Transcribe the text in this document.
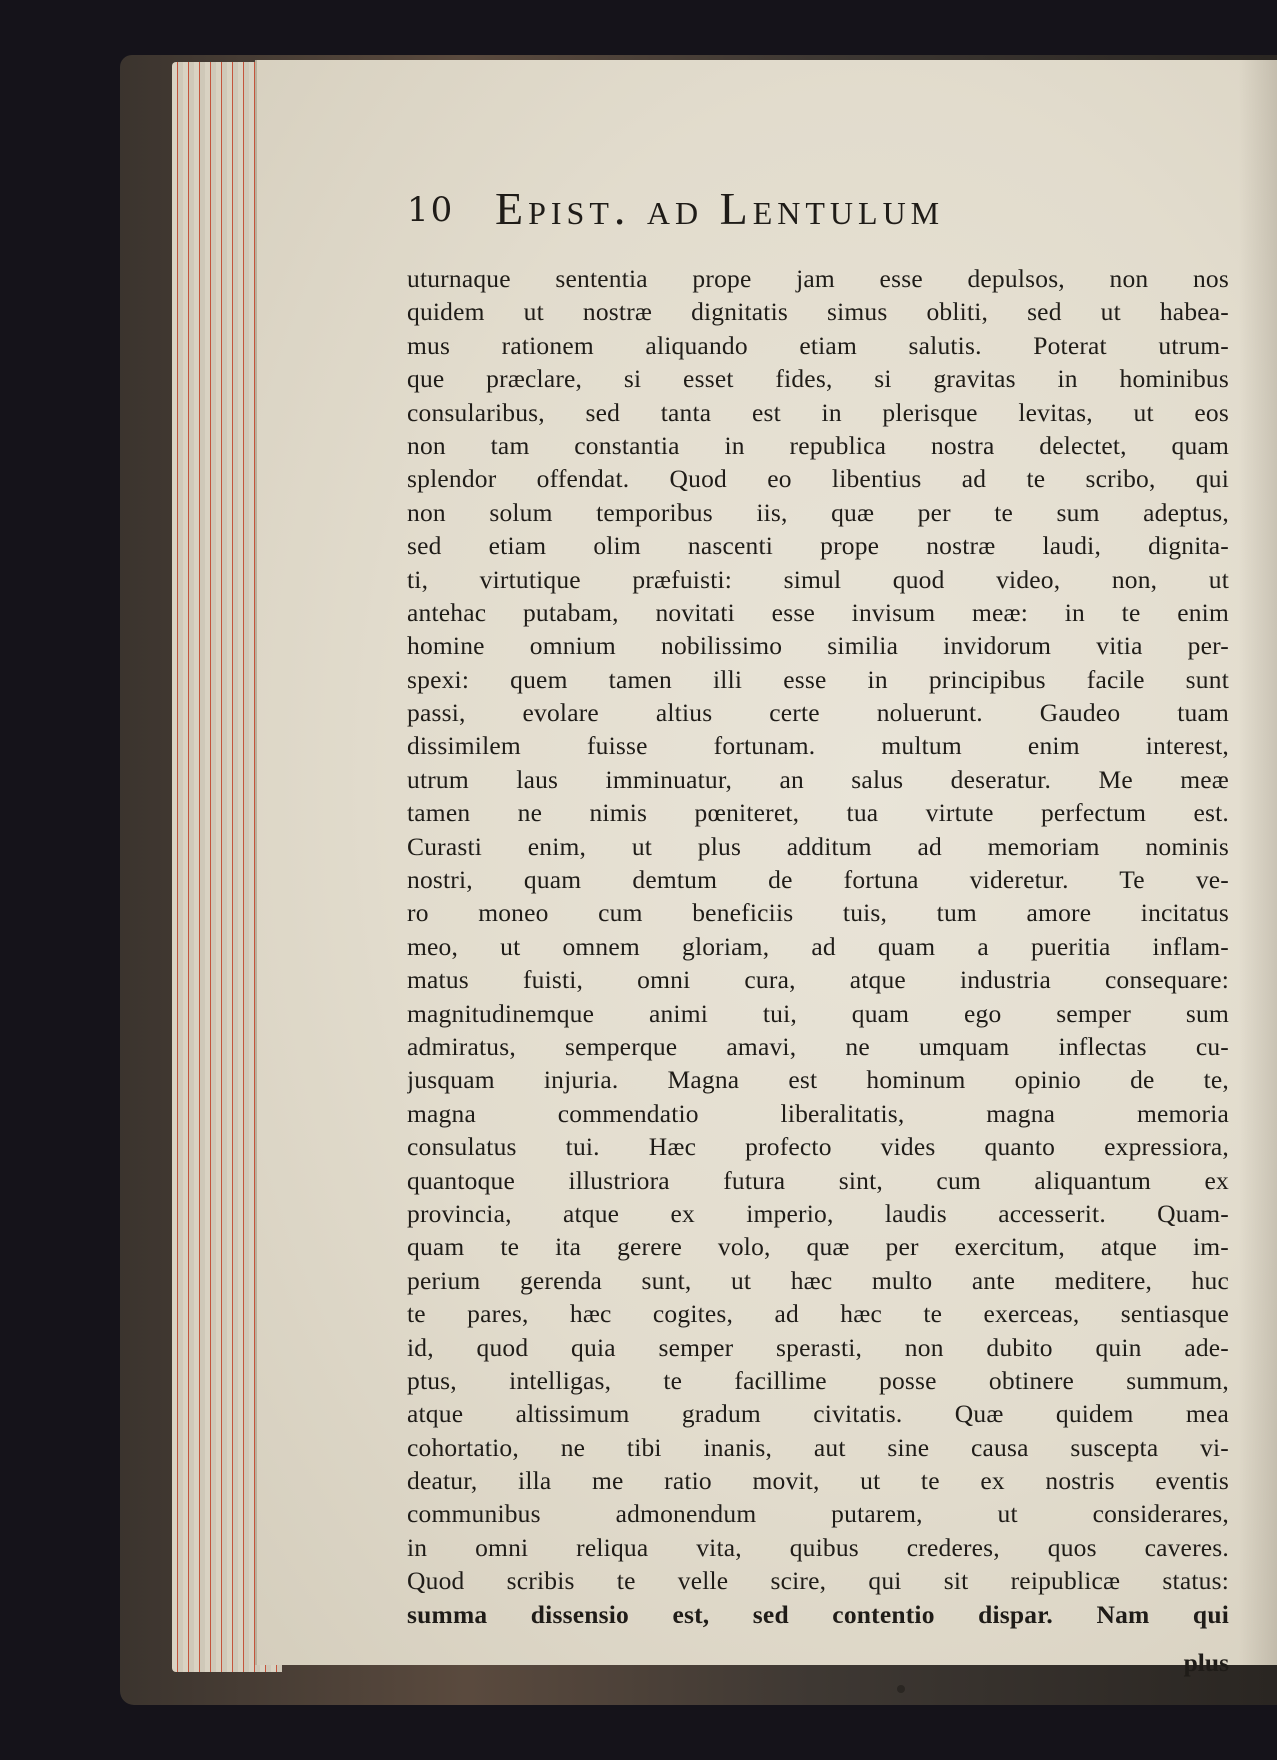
10 Epist. ad Lentulum
uturnaque sententia prope jam esse depulsos, non nos
quidem ut nostræ dignitatis simus obliti, sed ut habea-
mus rationem aliquando etiam salutis. Poterat utrum-
que præclare, si esset fides, si gravitas in hominibus
consularibus, sed tanta est in plerisque levitas, ut eos
non tam constantia in republica nostra delectet, quam
splendor offendat. Quod eo libentius ad te scribo, qui
non solum temporibus iis, quæ per te sum adeptus,
sed etiam olim nascenti prope nostræ laudi, dignita-
ti, virtutique præfuisti: simul quod video, non, ut
antehac putabam, novitati esse invisum meæ: in te enim
homine omnium nobilissimo similia invidorum vitia per-
spexi: quem tamen illi esse in principibus facile sunt
passi, evolare altius certe noluerunt. Gaudeo tuam
dissimilem fuisse fortunam. multum enim interest,
utrum laus imminuatur, an salus deseratur. Me meæ
tamen ne nimis pœniteret, tua virtute perfectum est.
Curasti enim, ut plus additum ad memoriam nominis
nostri, quam demtum de fortuna videretur. Te ve-
ro moneo cum beneficiis tuis, tum amore incitatus
meo, ut omnem gloriam, ad quam a pueritia inflam-
matus fuisti, omni cura, atque industria consequare:
magnitudinemque animi tui, quam ego semper sum
admiratus, semperque amavi, ne umquam inflectas cu-
jusquam injuria. Magna est hominum opinio de te,
magna commendatio liberalitatis, magna memoria
consulatus tui. Hæc profecto vides quanto expressiora,
quantoque illustriora futura sint, cum aliquantum ex
provincia, atque ex imperio, laudis accesserit. Quam-
quam te ita gerere volo, quæ per exercitum, atque im-
perium gerenda sunt, ut hæc multo ante meditere, huc
te pares, hæc cogites, ad hæc te exerceas, sentiasque
id, quod quia semper sperasti, non dubito quin adе-
ptus, intelligas, te facillime posse obtinere summum,
atque altissimum gradum civitatis. Quæ quidem mea
cohortatio, ne tibi inanis, aut sine causa suscepta vi-
deatur, illa me ratio movit, ut te ex nostris eventis
communibus admonendum putarem, ut considerares,
in omni reliqua vita, quibus crederes, quos caveres.
Quod scribis te velle scire, qui sit reipublicæ status:
summa dissensio est, sed contentio dispar. Nam qui
plus
